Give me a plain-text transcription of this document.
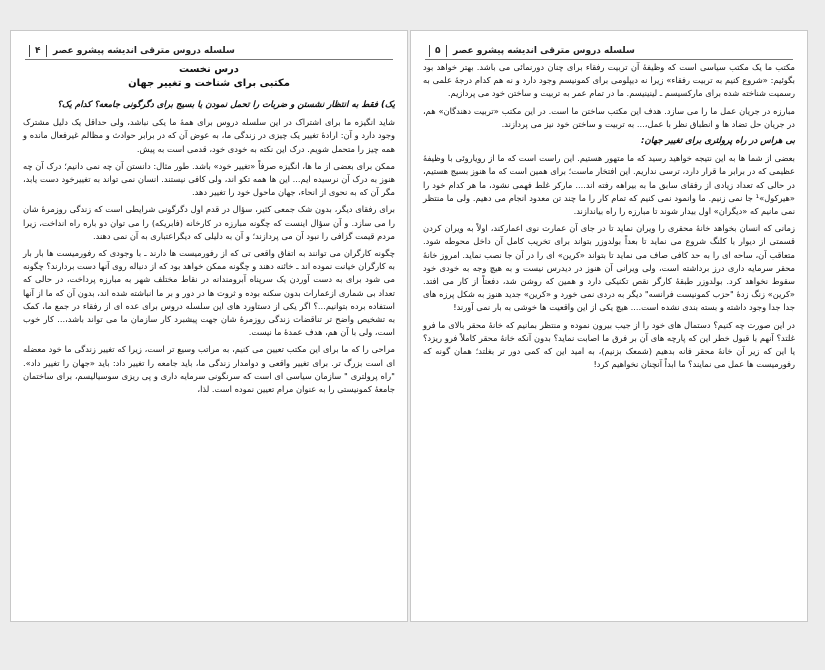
سلسله دروس مترقی اندیشه پیشرو عصر
۴
درس نخست
مکتبی برای شناخت و تغییر جهان

یک) فقط به انتظار نشستن و ضربات را تحمل نمودن یا بسیج برای دگرگونی جامعه؟ کدام یک؟

شاید انگیزه ما برای اشتراک در این سلسله دروس برای همهٔ ما یکی نباشد، ولی حداقل یک دلیل مشترک وجود دارد و آن: ارادهٔ تغییر یک چیزی در زندگی ما، به عوض آن که در برابر حوادث و مظالم غیرفعال مانده و همه چیز را متحمل شویم. درک این نکته به خودی خود، قدمی است به پیش.

ممکن برای بعضی از ما ها، انگیزه صرفاً «تغییر خود» باشد. طور مثال: دانستن آن چه نمی دانیم؛ درک آن چه هنوز به درک آن نرسیده ایم... این ها همه تکو اند، ولی کافی نیستند. انسان نمی تواند به تغییرخود دست یابد، مگر آن که به نحوی از انحاء، جهان ماحول خود را تغییر دهد.

برای رفقای دیگر، بدون شک جمعی کثیر، سؤال در قدم اول دگرگونی شرایطی است که زندگی روزمرهٔ شان را می سازد. و آن سؤال اینست که چگونه مبارزه در کارخانه (فابریکه) را می توان دو باره راه انداخت، زیرا مردم قیمت گزافی را نبود آن می پردازند؛ و آن به دلیلی که دیگراعتباری به آن نمی دهند.

چگونه کارگران می توانند به اتفاق واقعی تی که از رفورمیست ها دارند ـ با وجودی که رفورمیست ها بار بار به کارگران خیانت نموده اند ـ خائنه دهند و چگونه ممکن خواهد بود که از دنباله روی آنها دست بردارند؟ چگونه می شود برای به دست آوردن یک سرپناه آبرومندانه در نقاط مختلف شهر به مبارزه پرداخت، در حالی که تعداد بی شماری ازعمارات بدون سکنه بوده و ثروت ها در دور و بر ما انباشته شده اند، بدون آن که ما از آنها استفاده برده بتوانیم...؟ اگر یکی از دستاورد های این سلسله دروس برای عده ای از رفقاء در جمع ما، کمک به تشخیص واضح تر تناقضات زندگی روزمرهٔ شان جهت پیشبرد کار سازمان ما می تواند باشد،... کار خوب است، ولی با آن هم، هدف عمدهٔ ما نیست.

مراحی را که ما برای این مکتب تعیین می کنیم، به مراتب وسیع تر است، زیرا که تغییر زندگی ما خود معضله ای است بزرگ تر. برای تغییر واقعی و دوامدار زندگی ما، باید جامعه را تغییر داد: باید «جهان را تغییر داد». "راه پرولتری " سازمان سیاسی ای است که سرنگونی سرمایه داری و پی ریزی سوسیالیسم، برای ساختمان جامعهٔ کمونیستی را به عنوان مرام تعیین نموده است. لذا،

سلسله دروس مترقی اندیشه پیشرو عصر
۵

مکتب ما یک مکتب سیاسی است که وظیفهٔ آن تربیت رفقاء برای چنان دورنمائی می باشد. بهتر خواهد بود بگوئیم: «شروع کنیم به تربیت رفقاء» زیرا نه دیپلومی برای کمونیسم وجود دارد و نه هم کدام درجهٔ علمی به رسمیت شناخته شده برای مارکسیسم ـ لینینیسم. ما در تمام عمر به تربیت و ساختن خود می پردازیم.

مبارزه در جریان عمل ما را می سازد. هدف این مکتب ساختن ما است. در این مکتب «تربیت دهندگان» هم، در جریان حل تضاد ها و انطباق نظر با عمل،... به تربیت و ساختن خود نیز می پردازند.

بی هراس در راه پرولتری برای تغییر جهان:

بعضی از شما ها به این نتیجه خواهید رسید که ما متهور هستیم. این راست است که ما از رویاروئی با وظیفهٔ عظیمی که در برابر ما قرار دارد، ترسی نداریم. این افتخار ماست؛ برای همین است که ما هنوز بسیج هستیم، در حالی که تعداد زیادی از رفقای سابق ما به بیراهه رفته اند.... مارکر غلط فهمی نشود، ما هر کدام خود را «هیرکول»¹ جا نمی زنیم. ما وانمود نمی کنیم که تمام کار را ما چند تن معدود انجام می دهیم. ولی ما منتظر نمی مانیم که «دیگران» اول بیدار شوند تا مبارزه را راه بیاندازند.

زمانی که انسان بخواهد خانهٔ محقری را ویران نماید تا در جای آن عمارت نوی اعمارکند، اولاً به ویران کردن قسمتی از دیوار با کلنگ شروع می نماید تا بعداً بولدوزر بتواند برای تخریب کامل آن داخل محوطه شود. متعاقب آن، ساحه ای را به حد کافی صاف می نماید تا بتواند «کرین» ای را در آن جا نصب نماید. امروز خانهٔ محقر سرمایه داری درز برداشته است، ولی ویرانی آن هنوز در دیدرس نیست و به هیچ وجه به خودی خود سقوط نخواهد کرد. بولدوزر طبقهٔ کارگر نقص تکنیکی دارد و همین که روشن شد، دفعتاً از کار می افتد. «کرین» زنگ زدهٔ "حزب کمونیست فرانسه" دیگر به دردی نمی خورد و «کرین» جدید هنوز به شکل پرزه های جدا جدا وجود داشته و بسته بندی نشده است.... هیچ یکی از این واقعیت ها خوشی به بار نمی آورند!

در این صورت چه کنیم؟ دستمال های خود را از جیب بیرون نموده و منتظر بمانیم که خانهٔ محقر بالای ما فرو غلتد؟ آنهم با قبول خطر این که پارچه های آن بر فرق ما اصابت نماید؟ بدون آنکه خانهٔ محقر کاملاً فرو ریزد؟ یا این که زیر آن خانهٔ محقر فانه بدهیم (شمعک بزنیم)، به امید این که کمی دور تر بغلتد؛ همان گونه که رفورمیست ها عمل می نمایند؟ ما ابداً آنچنان نخواهیم کرد!
